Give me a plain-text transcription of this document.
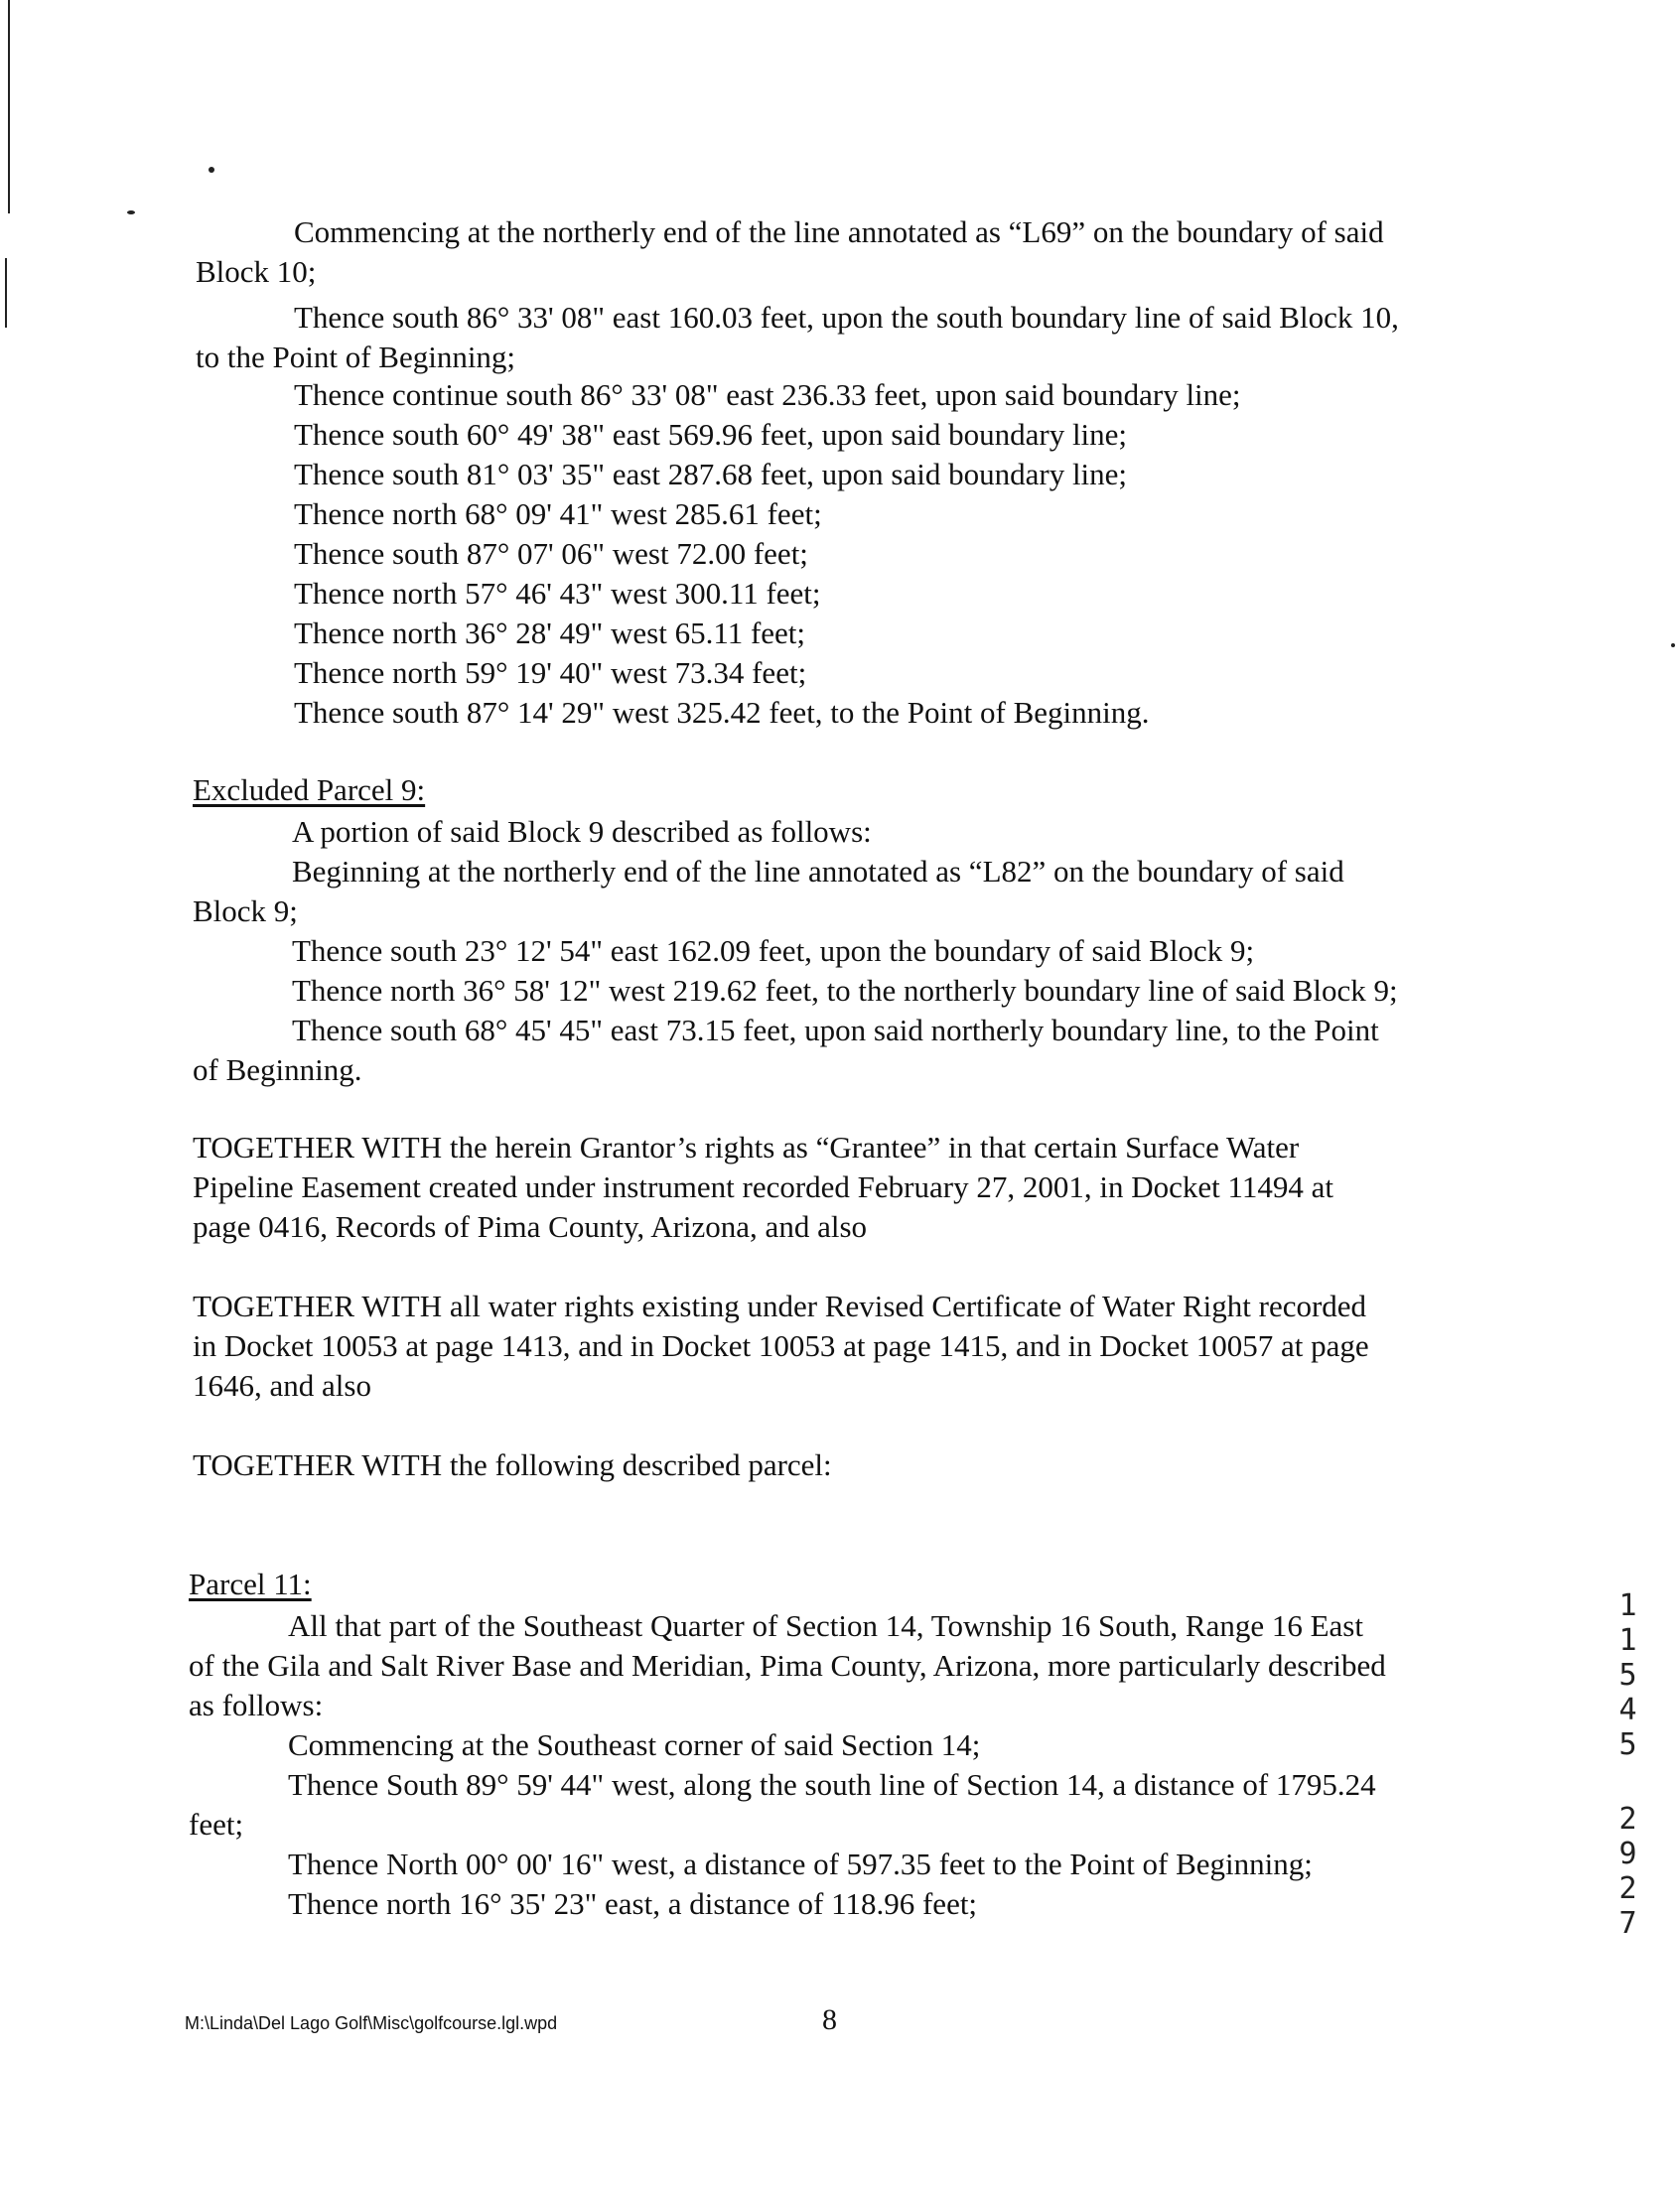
Commencing at the northerly end of the line annotated as “L69” on the boundary of said
Block 10;
Thence south 86° 33' 08" east 160.03 feet, upon the south boundary line of said Block 10,
to the Point of Beginning;
Thence continue south 86° 33' 08" east 236.33 feet, upon said boundary line;
Thence south 60° 49' 38" east 569.96 feet, upon said boundary line;
Thence south 81° 03' 35" east 287.68 feet, upon said boundary line;
Thence north 68° 09' 41" west 285.61 feet;
Thence south 87° 07' 06" west 72.00 feet;
Thence north 57° 46' 43" west 300.11 feet;
Thence north 36° 28' 49" west 65.11 feet;
Thence north 59° 19' 40" west 73.34 feet;
Thence south 87° 14' 29" west 325.42 feet, to the Point of Beginning.
Excluded Parcel 9:
A portion of said Block 9 described as follows:
Beginning at the northerly end of the line annotated as “L82” on the boundary of said
Block 9;
Thence south 23° 12' 54" east 162.09 feet, upon the boundary of said Block 9;
Thence north 36° 58' 12" west 219.62 feet, to the northerly boundary line of said Block 9;
Thence south 68° 45' 45" east 73.15 feet, upon said northerly boundary line, to the Point
of Beginning.
TOGETHER WITH the herein Grantor’s rights as “Grantee” in that certain Surface Water
Pipeline Easement created under instrument recorded February 27, 2001, in Docket 11494 at
page 0416, Records of Pima County, Arizona, and also
TOGETHER WITH all water rights existing under Revised Certificate of Water Right recorded
in Docket 10053 at page 1413, and in Docket 10053 at page 1415, and in Docket 10057 at page
1646, and also
TOGETHER WITH the following described parcel:
Parcel 11:
All that part of the Southeast Quarter of Section 14, Township 16 South, Range 16 East
of the Gila and Salt River Base and Meridian, Pima County, Arizona, more particularly described
as follows:
Commencing at the Southeast corner of said Section 14;
Thence South 89° 59' 44" west, along the south line of Section 14, a distance of 1795.24
feet;
Thence North 00° 00' 16" west, a distance of 597.35 feet to the Point of Beginning;
Thence north 16° 35' 23" east, a distance of 118.96 feet;
M:\Linda\Del Lago Golf\Misc\golfcourse.lgl.wpd	8
11545
2927
